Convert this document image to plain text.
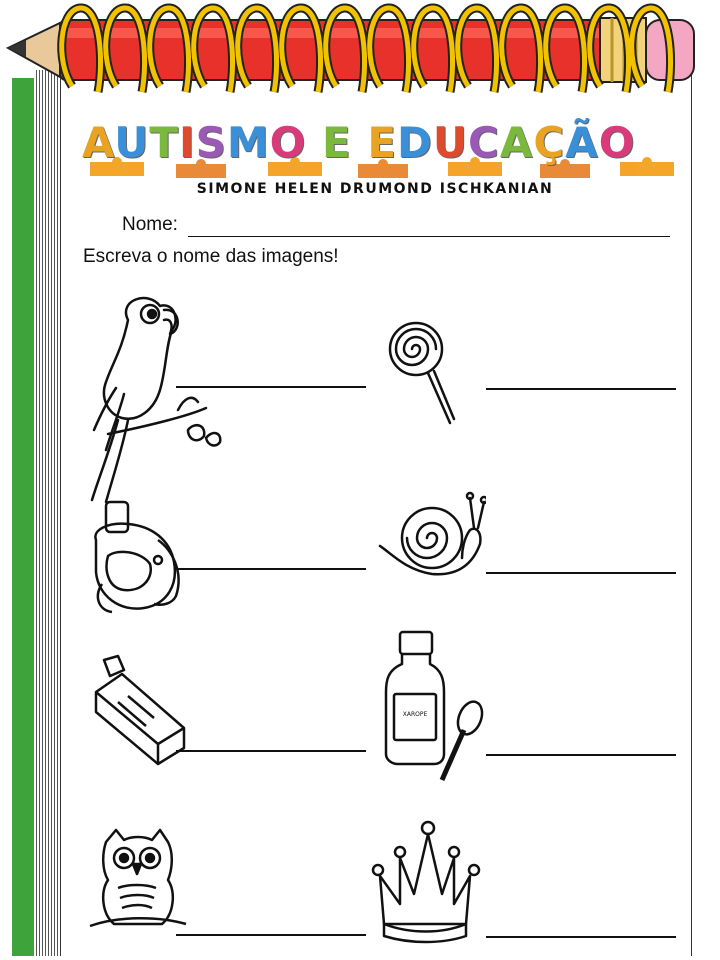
AUTISMO E EDUCAÇÃO
SIMONE HELEN DRUMOND ISCHKANIAN
Nome:
Escreva o nome das imagens!
XAROPE
